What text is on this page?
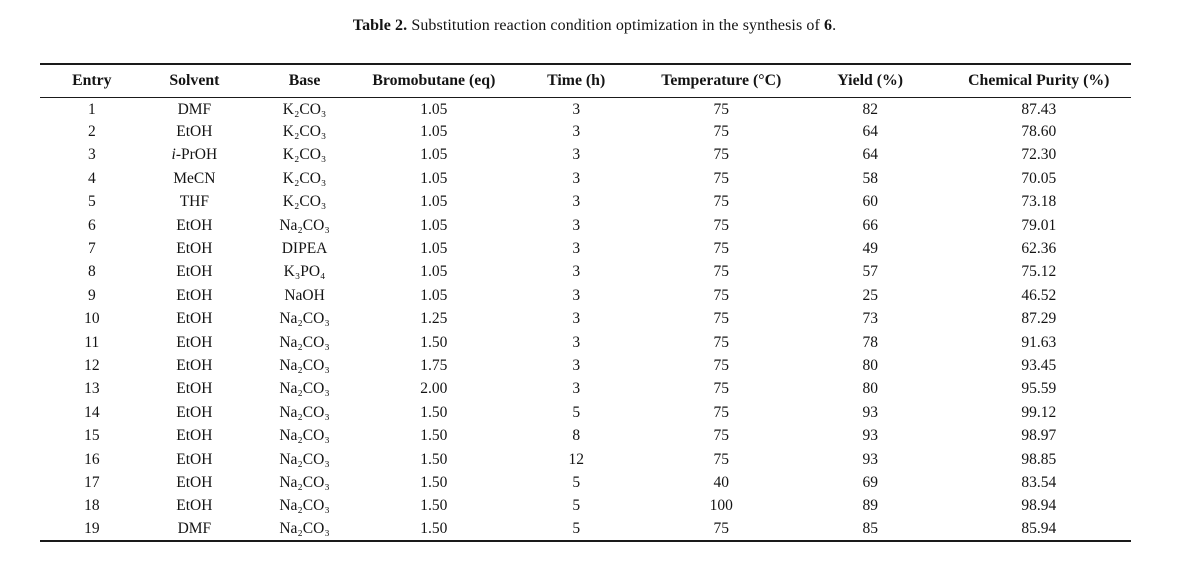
Table 2. Substitution reaction condition optimization in the synthesis of 6.
Entry	Solvent	Base	Bromobutane (eq)	Time (h)	Temperature (°C)	Yield (%)	Chemical Purity (%)
1	DMF	K₂CO₃	1.05	3	75	82	87.43
2	EtOH	K₂CO₃	1.05	3	75	64	78.60
3	i-PrOH	K₂CO₃	1.05	3	75	64	72.30
4	MeCN	K₂CO₃	1.05	3	75	58	70.05
5	THF	K₂CO₃	1.05	3	75	60	73.18
6	EtOH	Na₂CO₃	1.05	3	75	66	79.01
7	EtOH	DIPEA	1.05	3	75	49	62.36
8	EtOH	K₃PO₄	1.05	3	75	57	75.12
9	EtOH	NaOH	1.05	3	75	25	46.52
10	EtOH	Na₂CO₃	1.25	3	75	73	87.29
11	EtOH	Na₂CO₃	1.50	3	75	78	91.63
12	EtOH	Na₂CO₃	1.75	3	75	80	93.45
13	EtOH	Na₂CO₃	2.00	3	75	80	95.59
14	EtOH	Na₂CO₃	1.50	5	75	93	99.12
15	EtOH	Na₂CO₃	1.50	8	75	93	98.97
16	EtOH	Na₂CO₃	1.50	12	75	93	98.85
17	EtOH	Na₂CO₃	1.50	5	40	69	83.54
18	EtOH	Na₂CO₃	1.50	5	100	89	98.94
19	DMF	Na₂CO₃	1.50	5	75	85	85.94
